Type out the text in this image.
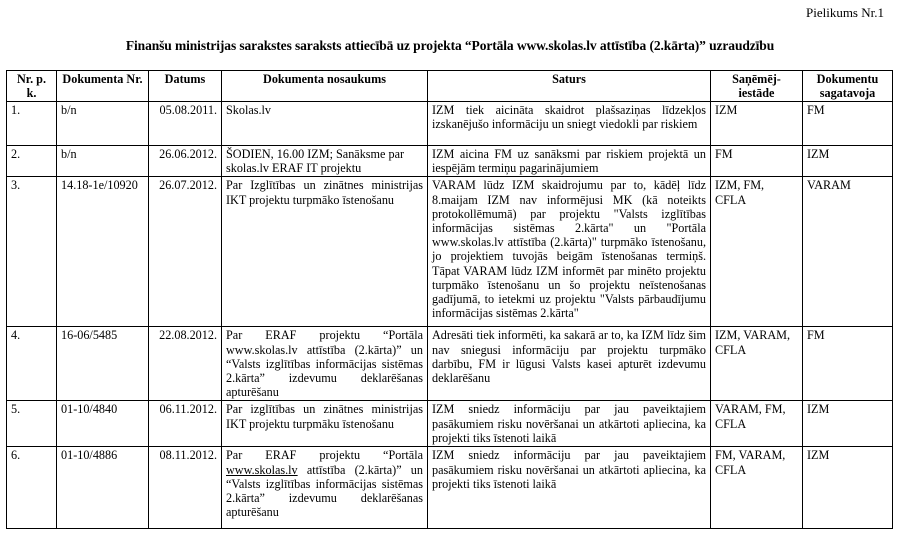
Pielikums Nr.1
Finanšu ministrijas sarakstes saraksts attiecībā uz projekta “Portāla www.skolas.lv attīstība (2.kārta)” uzraudzību
Nr. p. k.	Dokumenta Nr.	Datums	Dokumenta nosaukums	Saturs	Saņēmēj-iestāde	Dokumentu sagatavoja
1.	b/n	05.08.2011.	Skolas.lv	IZM tiek aicināta skaidrot plašsaziņas līdzekļos izskanējušo informāciju un sniegt viedokli par riskiem	IZM	FM
2.	b/n	26.06.2012.	ŠODIEN, 16.00 IZM; Sanāksme par skolas.lv ERAF IT projektu	IZM aicina FM uz sanāksmi par riskiem projektā un iespējām termiņu pagarinājumiem	FM	IZM
3.	14.18-1e/10920	26.07.2012.	Par Izglītības un zinātnes ministrijas IKT projektu turpmāko īstenošanu	VARAM lūdz IZM skaidrojumu par to, kādēļ līdz 8.maijam IZM nav informējusi MK (kā noteikts protokollēmumā) par projektu "Valsts izglītības informācijas sistēmas 2.kārta" un "Portāla www.skolas.lv attīstība (2.kārta)" turpmāko īstenošanu, jo projektiem tuvojās beigām īstenošanas termiņš. Tāpat VARAM lūdz IZM informēt par minēto projektu turpmāko īstenošanu un šo projektu neīstenošanas gadījumā, to ietekmi uz projektu "Valsts pārbaudījumu informācijas sistēmas 2.kārta"	IZM, FM, CFLA	VARAM
4.	16-06/5485	22.08.2012.	Par ERAF projektu “Portāla www.skolas.lv attīstība (2.kārta)” un “Valsts izglītības informācijas sistēmas 2.kārta” izdevumu deklarēšanas apturēšanu	Adresāti tiek informēti, ka sakarā ar to, ka IZM līdz šim nav sniegusi informāciju par projektu turpmāko darbību, FM ir lūgusi Valsts kasei apturēt izdevumu deklarēšanu	IZM, VARAM, CFLA	FM
5.	01-10/4840	06.11.2012.	Par izglītības un zinātnes ministrijas IKT projektu turpmāku īstenošanu	IZM sniedz informāciju par jau paveiktajiem pasākumiem risku novēršanai un atkārtoti apliecina, ka projekti tiks īstenoti laikā	VARAM, FM, CFLA	IZM
6.	01-10/4886	08.11.2012.	Par ERAF projektu “Portāla www.skolas.lv attīstība (2.kārta)” un “Valsts izglītības informācijas sistēmas 2.kārta” izdevumu deklarēšanas apturēšanu	IZM sniedz informāciju par jau paveiktajiem pasākumiem risku novēršanai un atkārtoti apliecina, ka projekti tiks īstenoti laikā	FM, VARAM, CFLA	IZM
